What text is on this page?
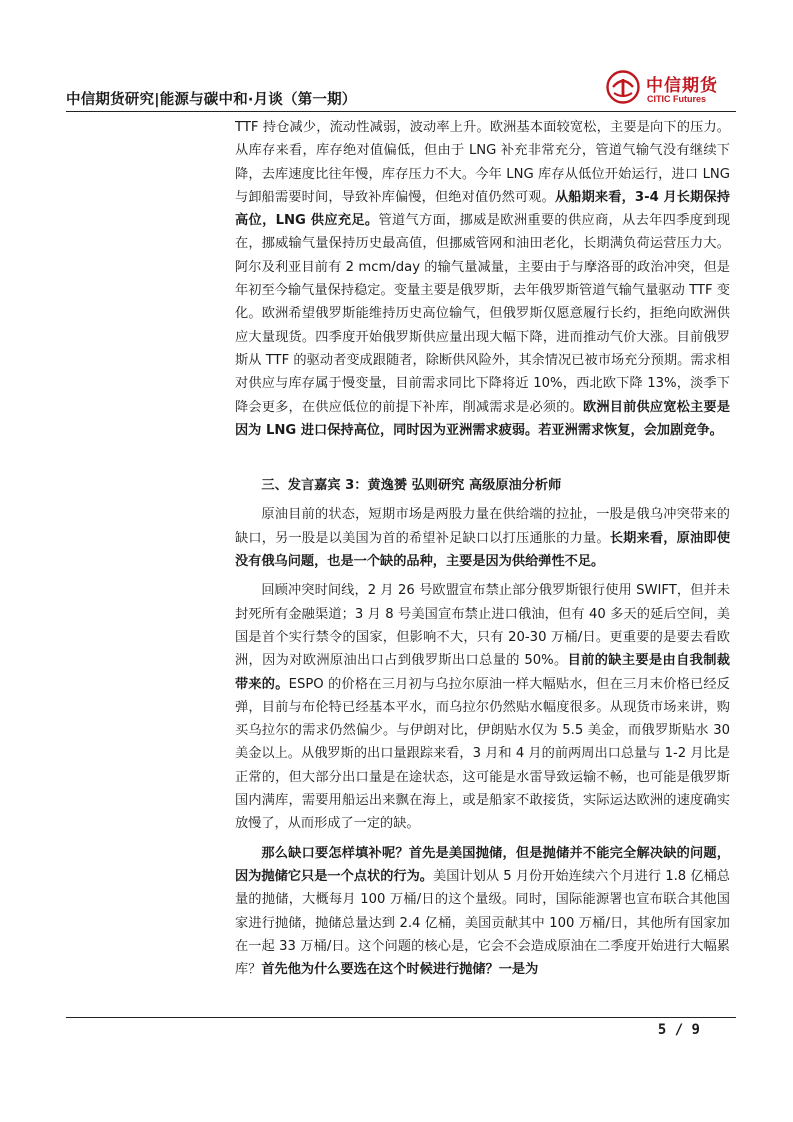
中信期货研究|能源与碳中和·月谈（第一期）
中信期货
CITIC Futures

TTF 持仓减少，流动性减弱，波动率上升。欧洲基本面较宽松，主要是向下的压力。从库存来看，库存绝对值偏低，但由于 LNG 补充非常充分，管道气输气没有继续下降，去库速度比往年慢，库存压力不大。今年 LNG 库存从低位开始运行，进口 LNG 与卸船需要时间，导致补库偏慢，但绝对值仍然可观。从船期来看，3-4 月长期保持高位，LNG 供应充足。管道气方面，挪威是欧洲重要的供应商，从去年四季度到现在，挪威输气量保持历史最高值，但挪威管网和油田老化，长期满负荷运营压力大。阿尔及利亚目前有 2 mcm/day 的输气量减量，主要由于与摩洛哥的政治冲突，但是年初至今输气量保持稳定。变量主要是俄罗斯，去年俄罗斯管道气输气量驱动 TTF 变化。欧洲希望俄罗斯能维持历史高位输气，但俄罗斯仅愿意履行长约，拒绝向欧洲供应大量现货。四季度开始俄罗斯供应量出现大幅下降，进而推动气价大涨。目前俄罗斯从 TTF 的驱动者变成跟随者，除断供风险外，其余情况已被市场充分预期。需求相对供应与库存属于慢变量，目前需求同比下降将近 10%，西北欧下降 13%，淡季下降会更多，在供应低位的前提下补库，削减需求是必须的。欧洲目前供应宽松主要是因为 LNG 进口保持高位，同时因为亚洲需求疲弱。若亚洲需求恢复，会加剧竞争。

三、发言嘉宾 3：黄逸赟 弘则研究 高级原油分析师

原油目前的状态，短期市场是两股力量在供给端的拉扯，一股是俄乌冲突带来的缺口，另一股是以美国为首的希望补足缺口以打压通胀的力量。长期来看，原油即使没有俄乌问题，也是一个缺的品种，主要是因为供给弹性不足。

回顾冲突时间线，2 月 26 号欧盟宣布禁止部分俄罗斯银行使用 SWIFT，但并未封死所有金融渠道；3 月 8 号美国宣布禁止进口俄油，但有 40 多天的延后空间，美国是首个实行禁令的国家，但影响不大，只有 20-30 万桶/日。更重要的是要去看欧洲，因为对欧洲原油出口占到俄罗斯出口总量的 50%。目前的缺主要是由自我制裁带来的。ESPO 的价格在三月初与乌拉尔原油一样大幅贴水，但在三月末价格已经反弹，目前与布伦特已经基本平水，而乌拉尔仍然贴水幅度很多。从现货市场来讲，购买乌拉尔的需求仍然偏少。与伊朗对比，伊朗贴水仅为 5.5 美金，而俄罗斯贴水 30 美金以上。从俄罗斯的出口量跟踪来看，3 月和 4 月的前两周出口总量与 1-2 月比是正常的，但大部分出口量是在途状态，这可能是水雷导致运输不畅，也可能是俄罗斯国内满库，需要用船运出来飘在海上，或是船家不敢接货，实际运达欧洲的速度确实放慢了，从而形成了一定的缺。

那么缺口要怎样填补呢？首先是美国抛储，但是抛储并不能完全解决缺的问题，因为抛储它只是一个点状的行为。美国计划从 5 月份开始连续六个月进行 1.8 亿桶总量的抛储，大概每月 100 万桶/日的这个量级。同时，国际能源署也宣布联合其他国家进行抛储，抛储总量达到 2.4 亿桶，美国贡献其中 100 万桶/日，其他所有国家加在一起 33 万桶/日。这个问题的核心是，它会不会造成原油在二季度开始进行大幅累库？首先他为什么要选在这个时候进行抛储？一是为

5 / 9
